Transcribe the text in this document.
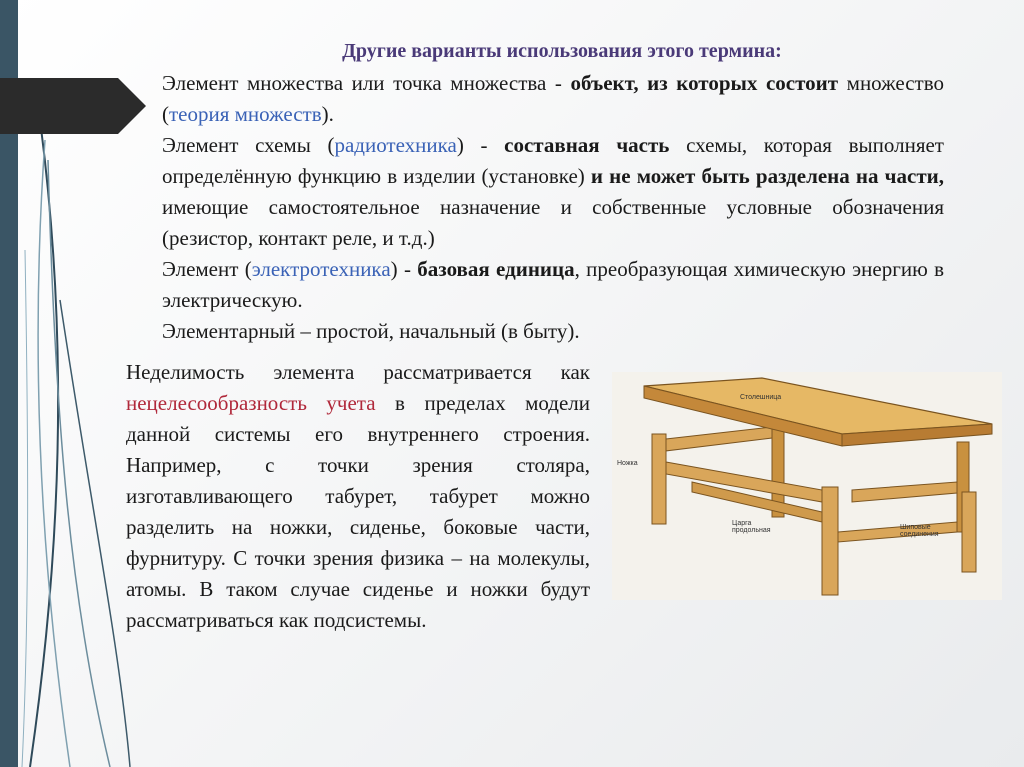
Другие варианты использования этого термина:
Элемент множества или точка множества - объект, из которых состоит множество (теория множеств).
Элемент схемы (радиотехника) - составная часть схемы, которая выполняет определённую функцию в изделии (установке) и не может быть разделена на части, имеющие самостоятельное назначение и собственные условные обозначения (резистор, контакт реле, и т.д.)
Элемент (электротехника) - базовая единица, преобразующая химическую энергию в электрическую.
Элементарный – простой, начальный (в быту).
Неделимость элемента рассматривается как нецелесообразность учета в пределах модели данной системы его внутреннего строения. Например, с точки зрения столяра, изготавливающего табурет, табурет можно разделить на ножки, сиденье, боковые части, фурнитуру. С точки зрения физика – на молекулы, атомы. В таком случае сиденье и ножки будут рассматриваться как подсистемы.
Столешница
Ножка
Царга продольная	Шиповые соединения
